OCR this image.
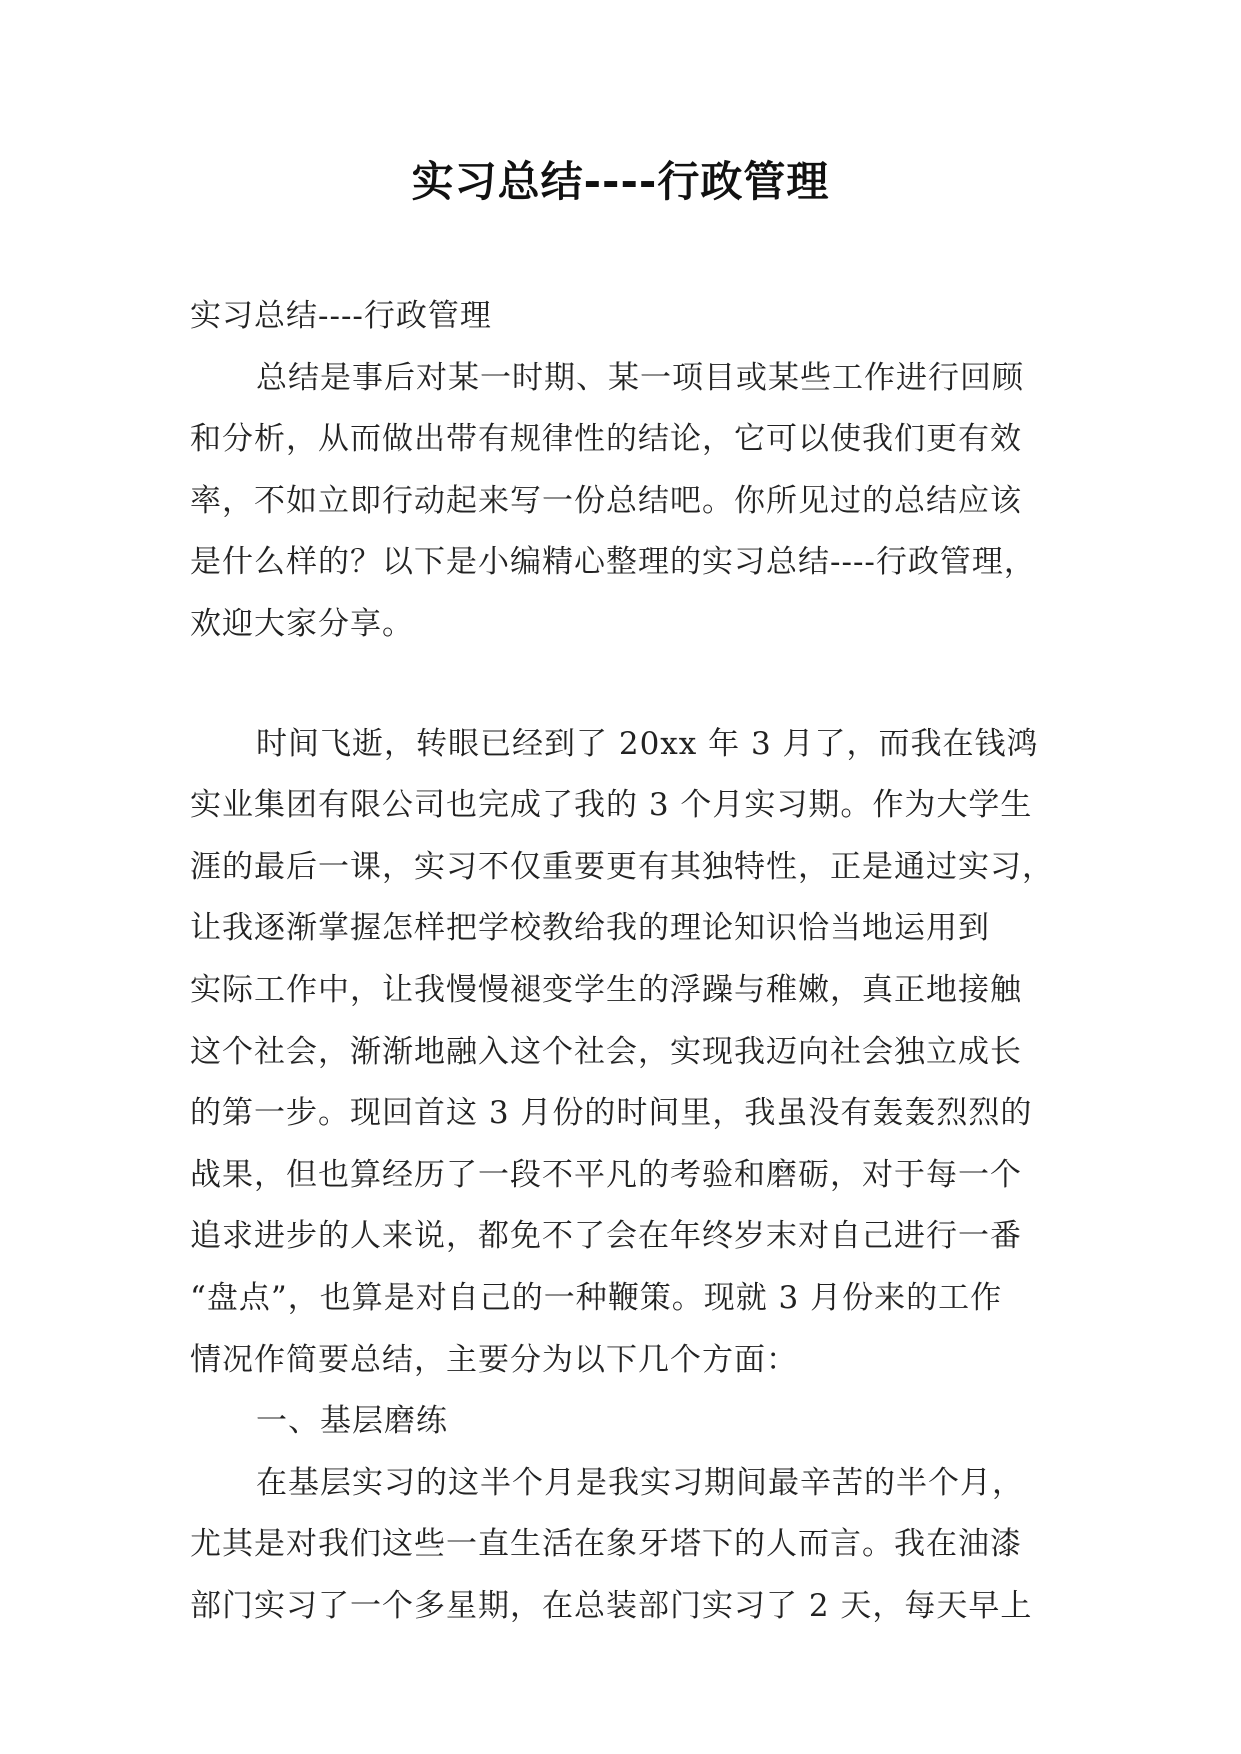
实习总结----行政管理
实习总结----行政管理
总结是事后对某一时期、某一项目或某些工作进行回顾
和分析，从而做出带有规律性的结论，它可以使我们更有效
率，不如立即行动起来写一份总结吧。你所见过的总结应该
是什么样的？以下是小编精心整理的实习总结----行政管理，
欢迎大家分享。
时间飞逝，转眼已经到了 20xx 年 3 月了，而我在钱鸿
实业集团有限公司也完成了我的 3 个月实习期。作为大学生
涯的最后一课，实习不仅重要更有其独特性，正是通过实习，
让我逐渐掌握怎样把学校教给我的理论知识恰当地运用到
实际工作中，让我慢慢褪变学生的浮躁与稚嫩，真正地接触
这个社会，渐渐地融入这个社会，实现我迈向社会独立成长
的第一步。现回首这 3 月份的时间里，我虽没有轰轰烈烈的
战果，但也算经历了一段不平凡的考验和磨砺，对于每一个
追求进步的人来说，都免不了会在年终岁末对自己进行一番
“盘点”，也算是对自己的一种鞭策。现就 3 月份来的工作
情况作简要总结，主要分为以下几个方面：
一、基层磨练
在基层实习的这半个月是我实习期间最辛苦的半个月，
尤其是对我们这些一直生活在象牙塔下的人而言。我在油漆
部门实习了一个多星期，在总装部门实习了 2 天，每天早上
